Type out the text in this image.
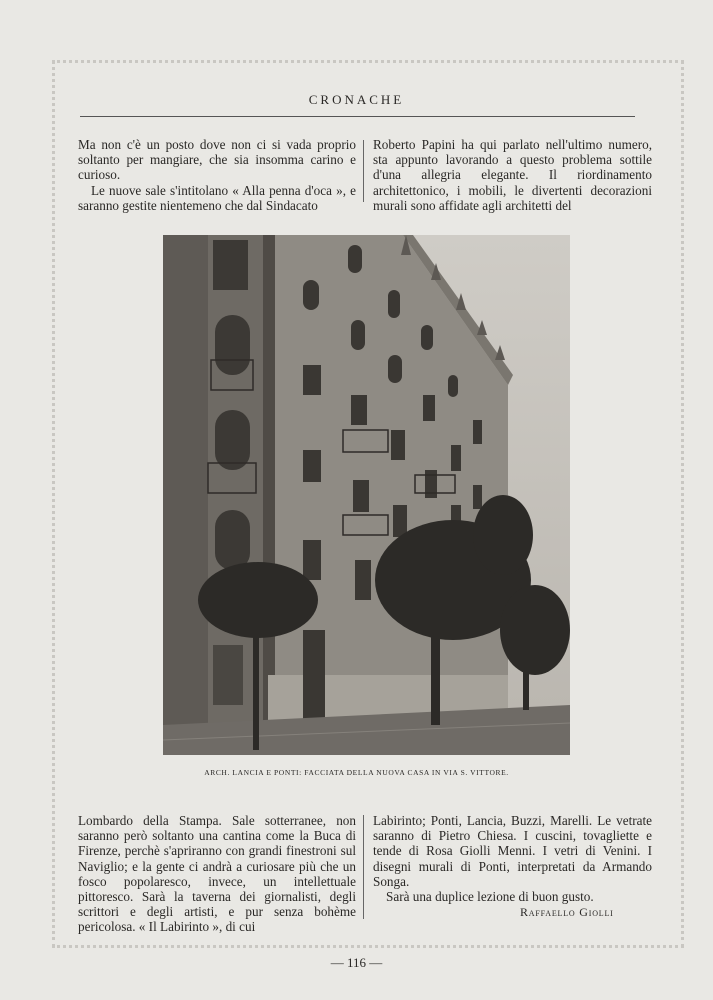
CRONACHE

Ma non c'è un posto dove non ci si vada proprio soltanto per mangiare, che sia insomma carino e curioso.

Le nuove sale s'intitolano « Alla penna d'oca », e saranno gestite nientemeno che dal Sindacato

Roberto Papini ha qui parlato nell'ultimo numero, sta appunto lavorando a questo problema sottile d'una allegria elegante. Il riordinamento architettonico, i mobili, le divertenti decorazioni murali sono affidate agli architetti del

ARCH. LANCIA E PONTI: FACCIATA DELLA NUOVA CASA IN VIA S. VITTORE.

Lombardo della Stampa. Sale sotterranee, non saranno però soltanto una cantina come la Buca di Firenze, perchè s'apriranno con grandi finestroni sul Naviglio; e la gente ci andrà a curiosare più che un fosco popolaresco, invece, un intellettuale pittoresco. Sarà la taverna dei giornalisti, degli scrittori e degli artisti, e pur senza bohème pericolosa. « Il Labirinto », di cui

Labirinto; Ponti, Lancia, Buzzi, Marelli. Le vetrate saranno di Pietro Chiesa. I cuscini, tovagliette e tende di Rosa Giolli Menni. I vetri di Venini. I disegni murali di Ponti, interpretati da Armando Songa.

Sarà una duplice lezione di buon gusto.

Raffaello Giolli
— 116 —
